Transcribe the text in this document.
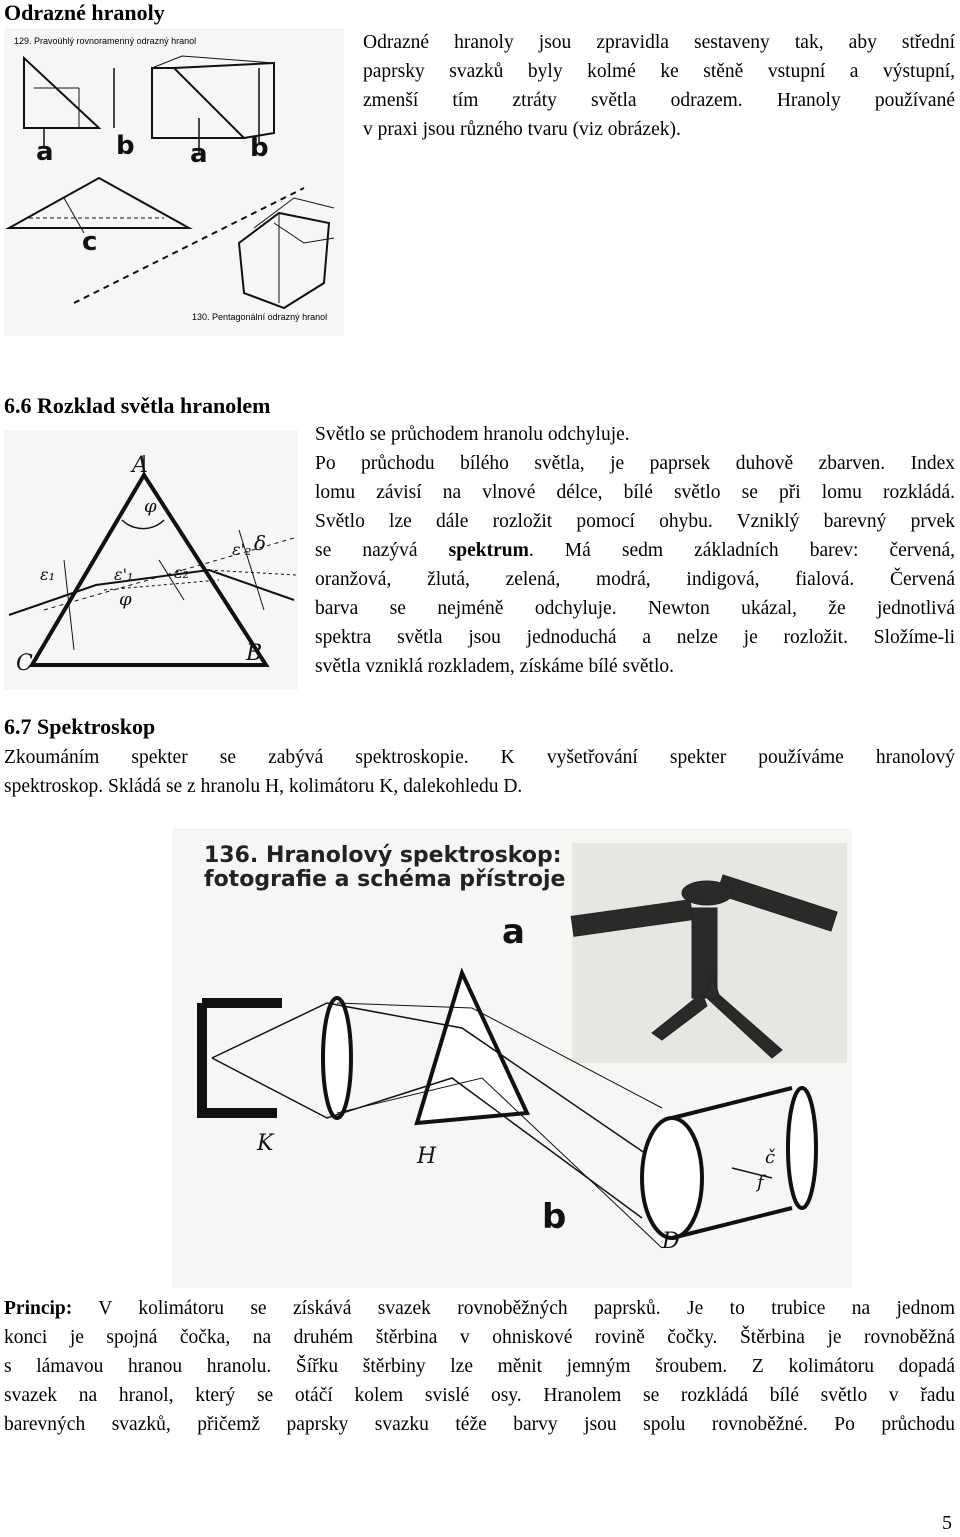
Odrazné hranoly
129. Pravoúhlý rovnoramenný odrazný hranol
a b a b
c
130. Pentagonální odrazný hranol
Odrazné hranoly jsou zpravidla sestaveny tak, aby střední
paprsky svazků byly kolmé ke stěně vstupní a výstupní,
zmenší tím ztráty světla odrazem. Hranoly používané
v praxi jsou různého tvaru (viz obrázek).
6.6 Rozklad světla hranolem
A
C	B
φ
φ
δ
ε₁	ε'₁	ε₂
ε'₂
Světlo se průchodem hranolu odchyluje.
Po průchodu bílého světla, je paprsek duhově zbarven. Index
lomu závisí na vlnové délce, bílé světlo se při lomu rozkládá.
Světlo lze dále rozložit pomocí ohybu. Vzniklý barevný prvek
se nazývá spektrum. Má sedm základních barev: červená,
oranžová, žlutá, zelená, modrá, indigová, fialová. Červená
barva se nejméně odchyluje. Newton ukázal, že jednotlivá
spektra světla jsou jednoduchá a nelze je rozložit. Složíme-li
světla vzniklá rozkladem, získáme bílé světlo.
6.7 Spektroskop
Zkoumáním spekter se zabývá spektroskopie. K vyšetřování spekter používáme hranolový
spektroskop. Skládá se z hranolu H, kolimátoru K, dalekohledu D.
136. Hranolový spektroskop:
fotografie a schéma přístroje
a
K
H
D
č
f
b
Princip: V kolimátoru se získává svazek rovnoběžných paprsků. Je to trubice na jednom
konci je spojná čočka, na druhém štěrbina v ohniskové rovině čočky. Štěrbina je rovnoběžná
s lámavou hranou hranolu. Šířku štěrbiny lze měnit jemným šroubem. Z kolimátoru dopadá
svazek na hranol, který se otáčí kolem svislé osy. Hranolem se rozkládá bílé světlo v řadu
barevných svazků, přičemž paprsky svazku téže barvy jsou spolu rovnoběžné. Po průchodu
5
